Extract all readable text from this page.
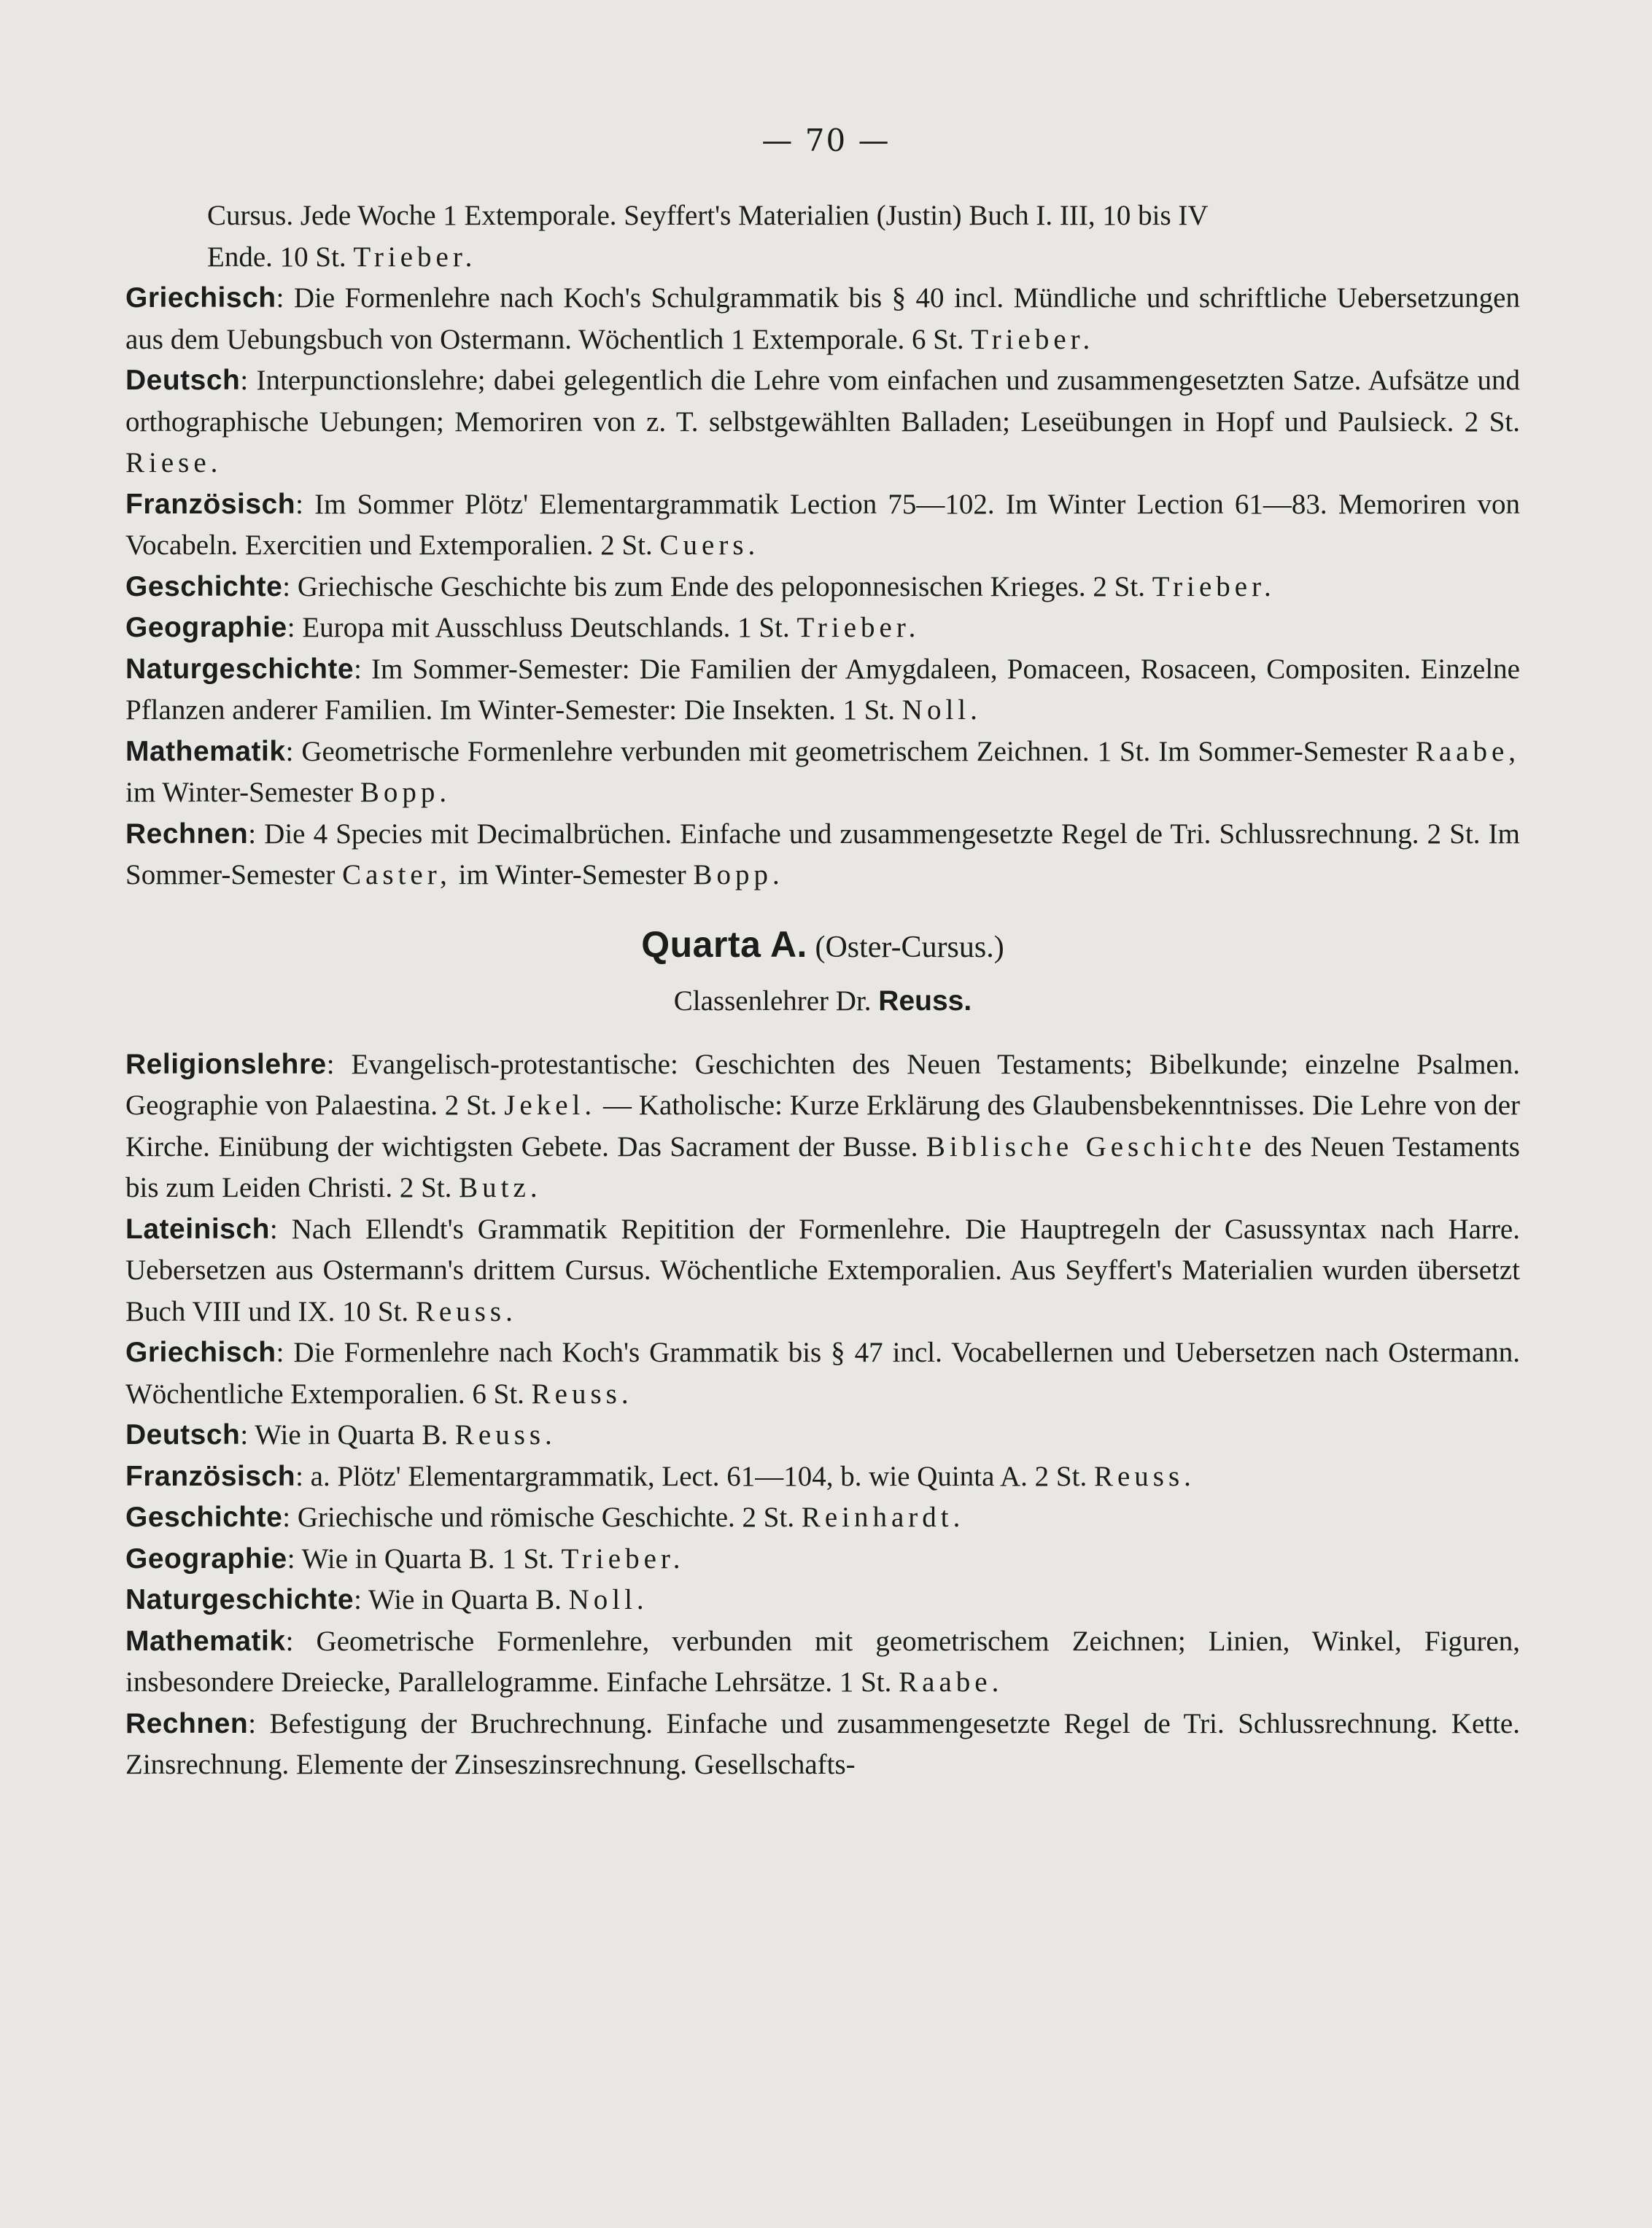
— 70 —

Cursus. Jede Woche 1 Extemporale. Seyffert's Materialien (Justin) Buch I. III, 10 bis IV
Ende. 10 St. Trieber.

Griechisch: Die Formenlehre nach Koch's Schulgrammatik bis § 40 incl. Mündliche und schriftliche Uebersetzungen aus dem Uebungsbuch von Ostermann. Wöchentlich 1 Extemporale. 6 St. Trieber.

Deutsch: Interpunctionslehre; dabei gelegentlich die Lehre vom einfachen und zusammengesetzten Satze. Aufsätze und orthographische Uebungen; Memoriren von z. T. selbstgewählten Balladen; Leseübungen in Hopf und Paulsieck. 2 St. Riese.

Französisch: Im Sommer Plötz' Elementargrammatik Lection 75—102. Im Winter Lection 61—83. Memoriren von Vocabeln. Exercitien und Extemporalien. 2 St. Cuers.

Geschichte: Griechische Geschichte bis zum Ende des peloponnesischen Krieges. 2 St. Trieber.

Geographie: Europa mit Ausschluss Deutschlands. 1 St. Trieber.

Naturgeschichte: Im Sommer-Semester: Die Familien der Amygdaleen, Pomaceen, Rosaceen, Compositen. Einzelne Pflanzen anderer Familien. Im Winter-Semester: Die Insekten. 1 St. Noll.

Mathematik: Geometrische Formenlehre verbunden mit geometrischem Zeichnen. 1 St. Im Sommer-Semester Raabe, im Winter-Semester Bopp.

Rechnen: Die 4 Species mit Decimalbrüchen. Einfache und zusammengesetzte Regel de Tri. Schlussrechnung. 2 St. Im Sommer-Semester Caster, im Winter-Semester Bopp.

Quarta A. (Oster-Cursus.)
Classenlehrer Dr. Reuss.

Religionslehre: Evangelisch-protestantische: Geschichten des Neuen Testaments; Bibelkunde; einzelne Psalmen. Geographie von Palaestina. 2 St. Jekel. — Katholische: Kurze Erklärung des Glaubensbekenntnisses. Die Lehre von der Kirche. Einübung der wichtigsten Gebete. Das Sacrament der Busse. Biblische Geschichte des Neuen Testaments bis zum Leiden Christi. 2 St. Butz.

Lateinisch: Nach Ellendt's Grammatik Repitition der Formenlehre. Die Hauptregeln der Casussyntax nach Harre. Uebersetzen aus Ostermann's drittem Cursus. Wöchentliche Extemporalien. Aus Seyffert's Materialien wurden übersetzt Buch VIII und IX. 10 St. Reuss.

Griechisch: Die Formenlehre nach Koch's Grammatik bis § 47 incl. Vocabellernen und Uebersetzen nach Ostermann. Wöchentliche Extemporalien. 6 St. Reuss.

Deutsch: Wie in Quarta B. Reuss.

Französisch: a. Plötz' Elementargrammatik, Lect. 61—104, b. wie Quinta A. 2 St. Reuss.

Geschichte: Griechische und römische Geschichte. 2 St. Reinhardt.

Geographie: Wie in Quarta B. 1 St. Trieber.

Naturgeschichte: Wie in Quarta B. Noll.

Mathematik: Geometrische Formenlehre, verbunden mit geometrischem Zeichnen; Linien, Winkel, Figuren, insbesondere Dreiecke, Parallelogramme. Einfache Lehrsätze. 1 St. Raabe.

Rechnen: Befestigung der Bruchrechnung. Einfache und zusammengesetzte Regel de Tri. Schlussrechnung. Kette. Zinsrechnung. Elemente der Zinseszinsrechnung. Gesellschafts-
